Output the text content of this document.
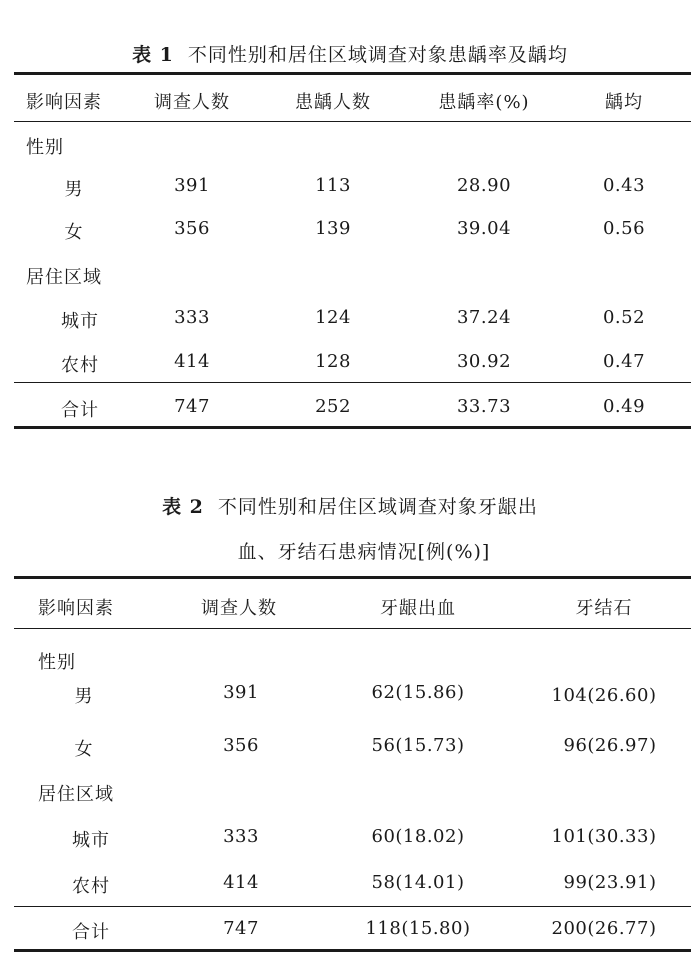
表 1 不同性别和居住区域调查对象患龋率及龋均
影响因素	调查人数	患龋人数	患龋率(%)	龋均
性别
男	391	113	28.90	0.43
女	356	139	39.04	0.56
居住区域
城市	333	124	37.24	0.52
农村	414	128	30.92	0.47
合计	747	252	33.73	0.49
表 2 不同性别和居住区域调查对象牙龈出
血、牙结石患病情况[例(%)]
影响因素	调查人数	牙龈出血	牙结石
性别
男	391	62(15.86)	104(26.60)
女	356	56(15.73)	96(26.97)
居住区域
城市	333	60(18.02)	101(30.33)
农村	414	58(14.01)	99(23.91)
合计	747	118(15.80)	200(26.77)
